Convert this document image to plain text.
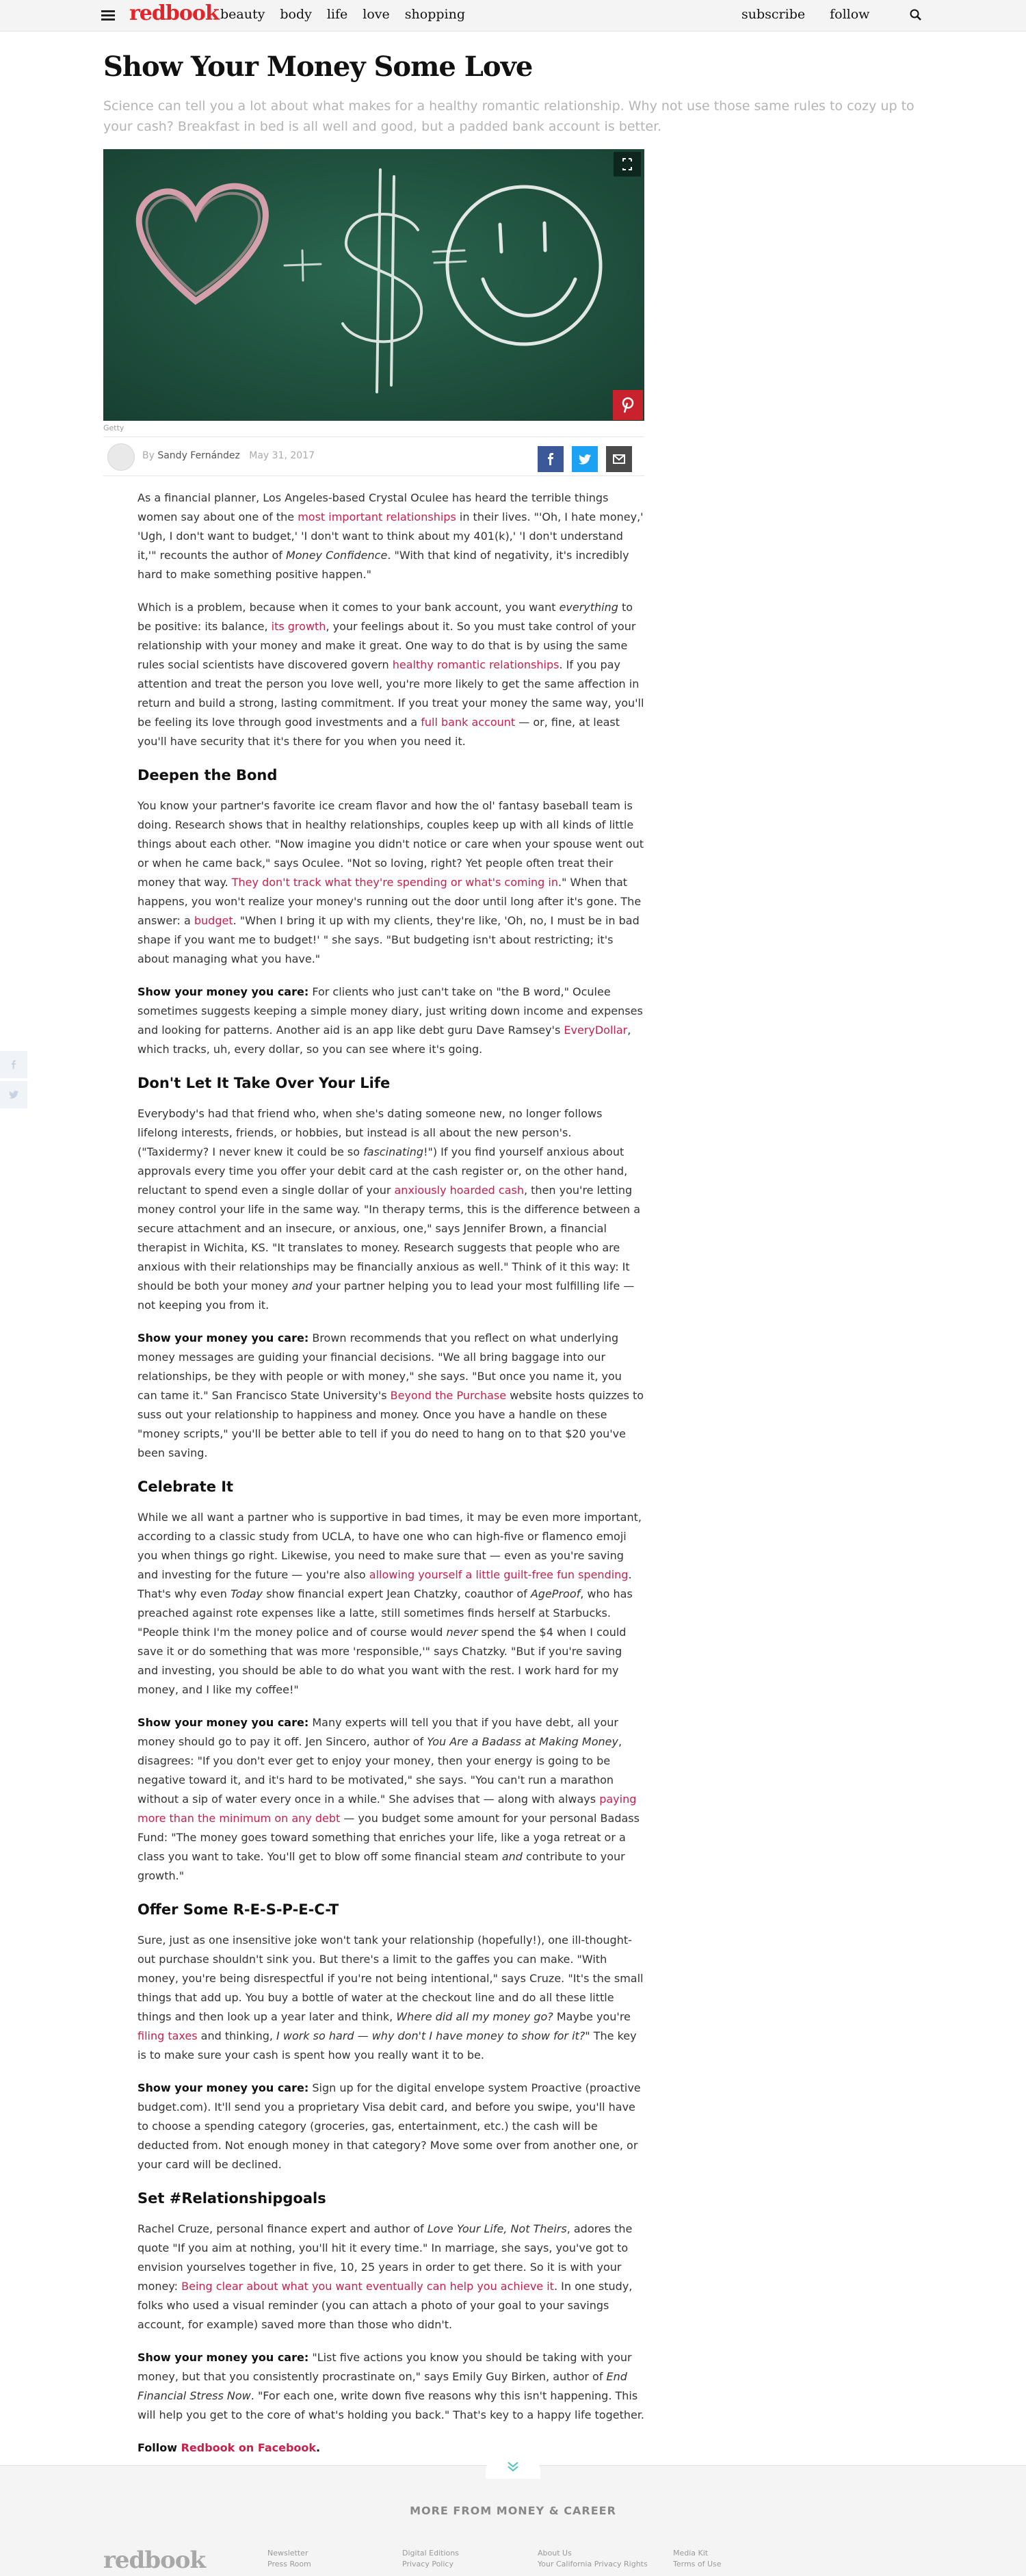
redbook beauty body life love shopping	subscribe follow
Show Your Money Some Love

Science can tell you a lot about what makes for a healthy romantic relationship. Why not use those same rules to cozy up to your cash? Breakfast in bed is all well and good, but a padded bank account is better.

Getty
By Sandy Fernández May 31, 2017

As a financial planner, Los Angeles-based Crystal Oculee has heard the terrible things women say about one of the most important relationships in their lives. "'Oh, I hate money,' 'Ugh, I don't want to budget,' 'I don't want to think about my 401(k),' 'I don't understand it,'" recounts the author of Money Confidence. "With that kind of negativity, it's incredibly hard to make something positive happen."

Which is a problem, because when it comes to your bank account, you want everything to be positive: its balance, its growth, your feelings about it. So you must take control of your relationship with your money and make it great. One way to do that is by using the same rules social scientists have discovered govern healthy romantic relationships. If you pay attention and treat the person you love well, you're more likely to get the same affection in return and build a strong, lasting commitment. If you treat your money the same way, you'll be feeling its love through good investments and a full bank account — or, fine, at least you'll have security that it's there for you when you need it.

Deepen the Bond

You know your partner's favorite ice cream flavor and how the ol' fantasy baseball team is doing. Research shows that in healthy relationships, couples keep up with all kinds of little things about each other. "Now imagine you didn't notice or care when your spouse went out or when he came back," says Oculee. "Not so loving, right? Yet people often treat their money that way. They don't track what they're spending or what's coming in." When that happens, you won't realize your money's running out the door until long after it's gone. The answer: a budget. "When I bring it up with my clients, they're like, 'Oh, no, I must be in bad shape if you want me to budget!' " she says. "But budgeting isn't about restricting; it's about managing what you have."

Show your money you care: For clients who just can't take on "the B word," Oculee sometimes suggests keeping a simple money diary, just writing down income and expenses and looking for patterns. Another aid is an app like debt guru Dave Ramsey's EveryDollar, which tracks, uh, every dollar, so you can see where it's going.

Don't Let It Take Over Your Life

Everybody's had that friend who, when she's dating someone new, no longer follows lifelong interests, friends, or hobbies, but instead is all about the new person's. ("Taxidermy? I never knew it could be so fascinating!") If you find yourself anxious about approvals every time you offer your debit card at the cash register or, on the other hand, reluctant to spend even a single dollar of your anxiously hoarded cash, then you're letting money control your life in the same way. "In therapy terms, this is the difference between a secure attachment and an insecure, or anxious, one," says Jennifer Brown, a financial therapist in Wichita, KS. "It translates to money. Research suggests that people who are anxious with their relationships may be financially anxious as well." Think of it this way: It should be both your money and your partner helping you to lead your most fulfilling life — not keeping you from it.

Show your money you care: Brown recommends that you reflect on what underlying money messages are guiding your financial decisions. "We all bring baggage into our relationships, be they with people or with money," she says. "But once you name it, you can tame it." San Francisco State University's Beyond the Purchase website hosts quizzes to suss out your relationship to happiness and money. Once you have a handle on these "money scripts," you'll be better able to tell if you do need to hang on to that $20 you've been saving.

Celebrate It

While we all want a partner who is supportive in bad times, it may be even more important, according to a classic study from UCLA, to have one who can high-five or flamenco emoji you when things go right. Likewise, you need to make sure that — even as you're saving and investing for the future — you're also allowing yourself a little guilt-free fun spending. That's why even Today show financial expert Jean Chatzky, coauthor of AgeProof, who has preached against rote expenses like a latte, still sometimes finds herself at Starbucks. "People think I'm the money police and of course would never spend the $4 when I could save it or do something that was more 'responsible,'" says Chatzky. "But if you're saving and investing, you should be able to do what you want with the rest. I work hard for my money, and I like my coffee!"

Show your money you care: Many experts will tell you that if you have debt, all your money should go to pay it off. Jen Sincero, author of You Are a Badass at Making Money, disagrees: "If you don't ever get to enjoy your money, then your energy is going to be negative toward it, and it's hard to be motivated," she says. "You can't run a marathon without a sip of water every once in a while." She advises that — along with always paying more than the minimum on any debt — you budget some amount for your personal Badass Fund: "The money goes toward something that enriches your life, like a yoga retreat or a class you want to take. You'll get to blow off some financial steam and contribute to your growth."

Offer Some R-E-S-P-E-C-T

Sure, just as one insensitive joke won't tank your relationship (hopefully!), one ill-thought-out purchase shouldn't sink you. But there's a limit to the gaffes you can make. "With money, you're being disrespectful if you're not being intentional," says Cruze. "It's the small things that add up. You buy a bottle of water at the checkout line and do all these little things and then look up a year later and think, Where did all my money go? Maybe you're filing taxes and thinking, I work so hard — why don't I have money to show for it?" The key is to make sure your cash is spent how you really want it to be.

Show your money you care: Sign up for the digital envelope system Proactive (proactive budget.com). It'll send you a proprietary Visa debit card, and before you swipe, you'll have to choose a spending category (groceries, gas, entertainment, etc.) the cash will be deducted from. Not enough money in that category? Move some over from another one, or your card will be declined.

Set #Relationshipgoals

Rachel Cruze, personal finance expert and author of Love Your Life, Not Theirs, adores the quote "If you aim at nothing, you'll hit it every time." In marriage, she says, you've got to envision yourselves together in five, 10, 25 years in order to get there. So it is with your money: Being clear about what you want eventually can help you achieve it. In one study, folks who used a visual reminder (you can attach a photo of your goal to your savings account, for example) saved more than those who didn't.

Show your money you care: "List five actions you know you should be taking with your money, but that you consistently procrastinate on," says Emily Guy Birken, author of End Financial Stress Now. "For each one, write down five reasons why this isn't happening. This will help you get to the core of what's holding you back." That's key to a happy life together.

Follow Redbook on Facebook.

MORE FROM MONEY & CAREER
redbook	Newsletter
Press Room
Digital Editions
Privacy Policy
About Us
Your California Privacy Rights
Media Kit
Terms of Use
